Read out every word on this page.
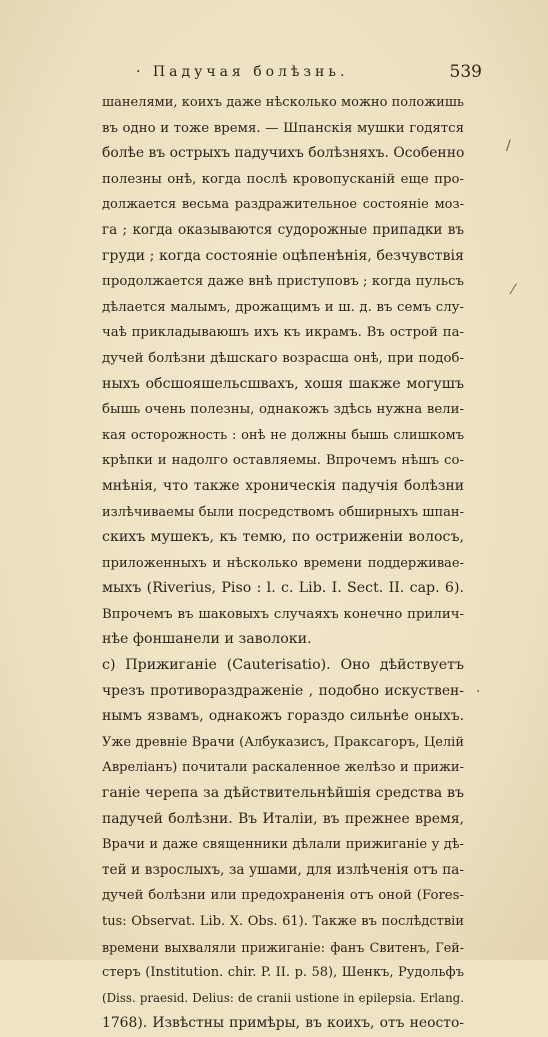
· Падучая болѣзнь.	539
/
⁄
·
шанелями, коихъ даже нѣсколько можно положишь
въ одно и тоже время. — Шпанскія мушки годятся
болѣе въ острыхъ падучихъ болѣзняхъ. Особенно
полезны онѣ, когда послѣ кровопусканій еще про-
должается весьма раздражительное состояніе моз-
га ; когда оказываются судорожные припадки въ
груди ; когда состояніе оцѣпенѣнія, безчувствія
продолжается даже внѣ приступовъ ; когда пульсъ
дѣлается малымъ, дрожащимъ и ш. д. въ семъ слу-
чаѣ прикладываюшъ ихъ къ икрамъ. Въ острой па-
дучей болѣзни дѣшскаго возрасша онѣ, при подоб-
ныхъ обсшояшельсшвахъ, хошя шакже могушъ
бышь очень полезны, однакожъ здѣсь нужна вели-
кая осторожность : онѣ не должны бышь слишкомъ
крѣпки и надолго оставляемы. Впрочемъ нѣшъ со-
мнѣнія, что также хроническія падучія болѣзни
излѣчиваемы были посредствомъ обширныхъ шпан-
скихъ мушекъ, къ темю, по остриженіи волосъ,
приложенныхъ и нѣсколько времени поддерживае-
мыхъ (Riverius, Piso : l. c. Lib. I. Sect. II. cap. 6).
Впрочемъ въ шаковыхъ случаяхъ конечно прилич-
нѣе фоншанели и заволоки.
с) Прижиганіе (Cauterisatio). Оно дѣйствуетъ
чрезъ противораздраженіе , подобно искуствен-
нымъ язвамъ, однакожъ гораздо сильнѣе оныхъ.
Уже древніе Врачи (Албуказисъ, Праксагоръ, Целій
Авреліанъ) почитали раскаленное желѣзо и прижи-
ганіе черепа за дѣйствительнѣйшія средства въ
падучей болѣзни. Въ Италіи, въ прежнее время,
Врачи и даже священники дѣлали прижиганіе у дѣ-
тей и взрослыхъ, за ушами, для излѣченія отъ па-
дучей болѣзни или предохраненія отъ оной (Fores-
tus: Observat. Lib. X. Obs. 61). Также въ послѣдствіи
времени выхваляли прижиганіе: фанъ Свитенъ, Гей-
стеръ (Institution. chir. P. II. p. 58), Шенкъ, Рудольфъ
(Diss. praesid. Delius: de cranii ustione in epilepsia. Erlang.
1768). Извѣстны примѣры, въ коихъ, отъ неосто-
